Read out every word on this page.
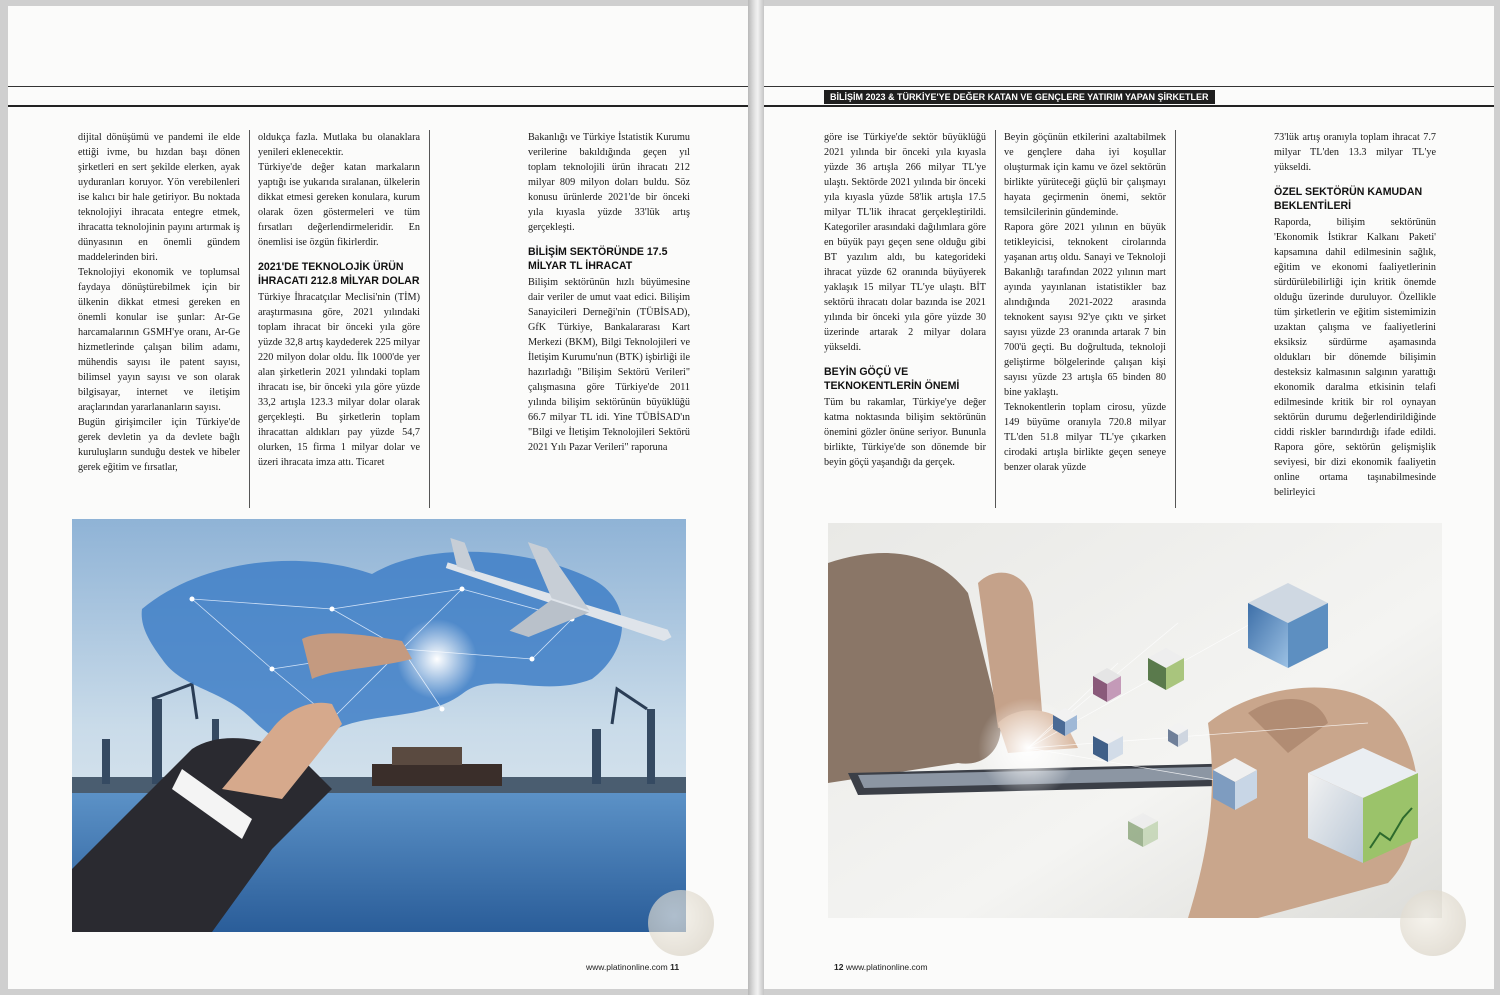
dijital dönüşümü ve pandemi ile elde ettiği ivme, bu hızdan başı dönen şirketleri en sert şekilde elerken, ayak uyduranları koruyor. Yön verebilenleri ise kalıcı bir hale getiriyor. Bu noktada teknolojiyi ihracata entegre etmek, ihracatta teknolojinin payını artırmak iş dünyasının en önemli gündem maddelerinden biri.

Teknolojiyi ekonomik ve toplumsal faydaya dönüştürebilmek için bir ülkenin dikkat etmesi gereken en önemli konular ise şunlar: Ar-Ge harcamalarının GSMH'ye oranı, Ar-Ge hizmetlerinde çalışan bilim adamı, mühendis sayısı ile patent sayısı, bilimsel yayın sayısı ve son olarak bilgisayar, internet ve iletişim araçlarından yararlananların sayısı.

Bugün girişimciler için Türkiye'de gerek devletin ya da devlete bağlı kuruluşların sunduğu destek ve hibeler gerek eğitim ve fırsatlar,

oldukça fazla. Mutlaka bu olanaklara yenileri eklenecektir.

Türkiye'de değer katan markaların yaptığı ise yukarıda sıralanan, ülkelerin dikkat etmesi gereken konulara, kurum olarak özen göstermeleri ve tüm fırsatları değerlendirmeleridir. En önemlisi ise özgün fikirlerdir.

2021'DE TEKNOLOJİK ÜRÜN İHRACATI 212.8 MİLYAR DOLAR

Türkiye İhracatçılar Meclisi'nin (TİM) araştırmasına göre, 2021 yılındaki toplam ihracat bir önceki yıla göre yüzde 32,8 artış kaydederek 225 milyar 220 milyon dolar oldu. İlk 1000'de yer alan şirketlerin 2021 yılındaki toplam ihracatı ise, bir önceki yıla göre yüzde 33,2 artışla 123.3 milyar dolar olarak gerçekleşti. Bu şirketlerin toplam ihracattan aldıkları pay yüzde 54,7 olurken, 15 firma 1 milyar dolar ve üzeri ihracata imza attı. Ticaret

Bakanlığı ve Türkiye İstatistik Kurumu verilerine bakıldığında geçen yıl toplam teknolojili ürün ihracatı 212 milyar 809 milyon doları buldu. Söz konusu ürünlerde 2021'de bir önceki yıla kıyasla yüzde 33'lük artış gerçekleşti.

BİLİŞİM SEKTÖRÜNDE 17.5 MİLYAR TL İHRACAT

Bilişim sektörünün hızlı büyümesine dair veriler de umut vaat edici. Bilişim Sanayicileri Derneği'nin (TÜBİSAD), GfK Türkiye, Bankalararası Kart Merkezi (BKM), Bilgi Teknolojileri ve İletişim Kurumu'nun (BTK) işbirliği ile hazırladığı "Bilişim Sektörü Verileri" çalışmasına göre Türkiye'de 2011 yılında bilişim sektörünün büyüklüğü 66.7 milyar TL idi. Yine TÜBİSAD'ın "Bilgi ve İletişim Teknolojileri Sektörü 2021 Yılı Pazar Verileri" raporuna

www.platinonline.com 11
BİLİŞİM 2023 & TÜRKİYE'YE DEĞER KATAN VE GENÇLERE YATIRIM YAPAN ŞİRKETLER

göre ise Türkiye'de sektör büyüklüğü 2021 yılında bir önceki yıla kıyasla yüzde 36 artışla 266 milyar TL'ye ulaştı. Sektörde 2021 yılında bir önceki yıla kıyasla yüzde 58'lik artışla 17.5 milyar TL'lik ihracat gerçekleştirildi. Kategoriler arasındaki dağılımlara göre en büyük payı geçen sene olduğu gibi BT yazılım aldı, bu kategorideki ihracat yüzde 62 oranında büyüyerek yaklaşık 15 milyar TL'ye ulaştı. BİT sektörü ihracatı dolar bazında ise 2021 yılında bir önceki yıla göre yüzde 30 üzerinde artarak 2 milyar dolara yükseldi.

BEYİN GÖÇÜ VE TEKNOKENTLERİN ÖNEMİ

Tüm bu rakamlar, Türkiye'ye değer katma noktasında bilişim sektörünün önemini gözler önüne seriyor. Bununla birlikte, Türkiye'de son dönemde bir beyin göçü yaşandığı da gerçek.

Beyin göçünün etkilerini azaltabilmek ve gençlere daha iyi koşullar oluşturmak için kamu ve özel sektörün birlikte yürüteceği güçlü bir çalışmayı hayata geçirmenin önemi, sektör temsilcilerinin gündeminde.

Rapora göre 2021 yılının en büyük tetikleyicisi, teknokent cirolarında yaşanan artış oldu. Sanayi ve Teknoloji Bakanlığı tarafından 2022 yılının mart ayında yayınlanan istatistikler baz alındığında 2021-2022 arasında teknokent sayısı 92'ye çıktı ve şirket sayısı yüzde 23 oranında artarak 7 bin 700'ü geçti. Bu doğrultuda, teknoloji geliştirme bölgelerinde çalışan kişi sayısı yüzde 23 artışla 65 binden 80 bine yaklaştı.

Teknokentlerin toplam cirosu, yüzde 149 büyüme oranıyla 720.8 milyar TL'den 51.8 milyar TL'ye çıkarken cirodaki artışla birlikte geçen seneye benzer olarak yüzde

73'lük artış oranıyla toplam ihracat 7.7 milyar TL'den 13.3 milyar TL'ye yükseldi.

ÖZEL SEKTÖRÜN KAMUDAN BEKLENTİLERİ

Raporda, bilişim sektörünün 'Ekonomik İstikrar Kalkanı Paketi' kapsamına dahil edilmesinin sağlık, eğitim ve ekonomi faaliyetlerinin sürdürülebilirliği için kritik önemde olduğu üzerinde duruluyor. Özellikle tüm şirketlerin ve eğitim sistemimizin uzaktan çalışma ve faaliyetlerini eksiksiz sürdürme aşamasında oldukları bir dönemde bilişimin desteksiz kalmasının salgının yarattığı ekonomik daralma etkisinin telafi edilmesinde kritik bir rol oynayan sektörün durumu değerlendirildiğinde ciddi riskler barındırdığı ifade edildi. Rapora göre, sektörün gelişmişlik seviyesi, bir dizi ekonomik faaliyetin online ortama taşınabilmesinde belirleyici

12 www.platinonline.com
